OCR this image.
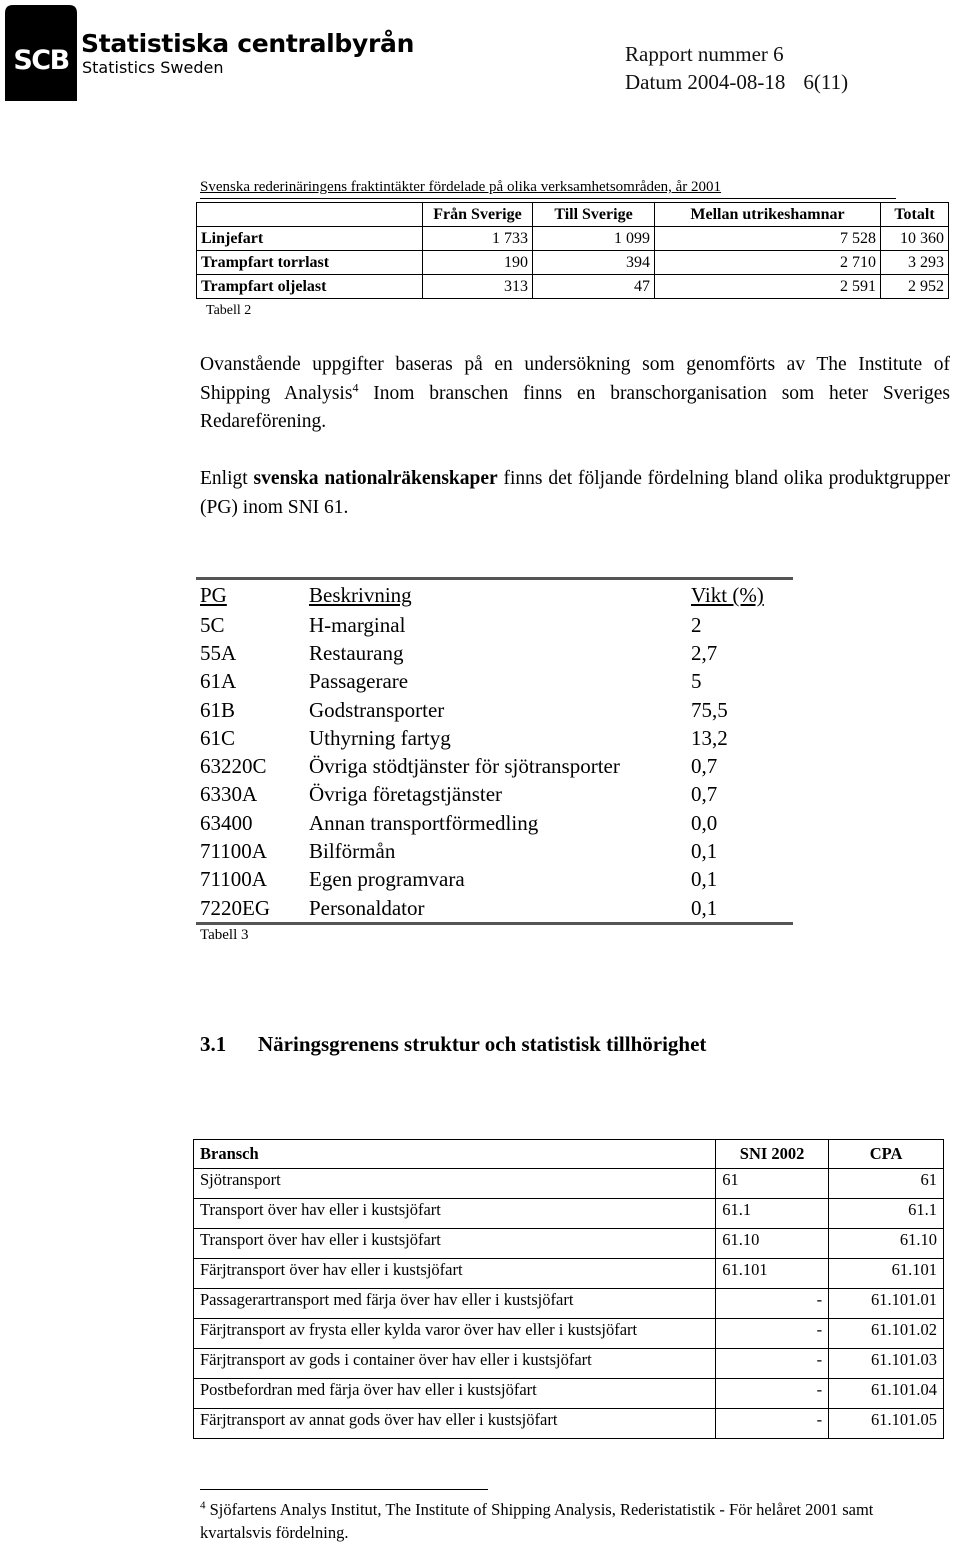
SCB
Statistiska centralbyrån
Statistics Sweden
Rapport nummer 6
Datum 2004-08-18 6(11)
Svenska rederinäringens fraktintäkter fördelade på olika verksamhetsområden, år 2001
	Från Sverige	Till Sverige	Mellan utrikeshamnar	Totalt
Linjefart	1 733	1 099	7 528	10 360
Trampfart torrlast	190	394	2 710	3 293
Trampfart oljelast	313	47	2 591	2 952
Tabell 2
Ovanstående uppgifter baseras på en undersökning som genomförts av The Institute of Shipping Analysis$^4$ Inom branschen finns en branschorganisation som heter Sveriges Redareförening.
Enligt svenska nationalräkenskaper finns det följande fördelning bland olika produktgrupper (PG) inom SNI 61.
PG	Beskrivning	Vikt (%)
5C	H-marginal	2
55A	Restaurang	2,7
61A	Passagerare	5
61B	Godstransporter	75,5
61C	Uthyrning fartyg	13,2
63220C	Övriga stödtjänster för sjötransporter	0,7
6330A	Övriga företagstjänster	0,7
63400	Annan transportförmedling	0,0
71100A	Bilförmån	0,1
71100A	Egen programvara	0,1
7220EG	Personaldator	0,1
Tabell 3
3.1 Näringsgrenens struktur och statistisk tillhörighet
Bransch	SNI 2002	CPA
Sjötransport	61	61
Transport över hav eller i kustsjöfart	61.1	61.1
Transport över hav eller i kustsjöfart	61.10	61.10
Färjtransport över hav eller i kustsjöfart	61.101	61.101
Passagerartransport med färja över hav eller i kustsjöfart	-	61.101.01
Färjtransport av frysta eller kylda varor över hav eller i kustsjöfart	-	61.101.02
Färjtransport av gods i container över hav eller i kustsjöfart	-	61.101.03
Postbefordran med färja över hav eller i kustsjöfart	-	61.101.04
Färjtransport av annat gods över hav eller i kustsjöfart	-	61.101.05
$^4$ Sjöfartens Analys Institut, The Institute of Shipping Analysis, Rederistatistik - För helåret 2001 samt kvartalsvis fördelning.
